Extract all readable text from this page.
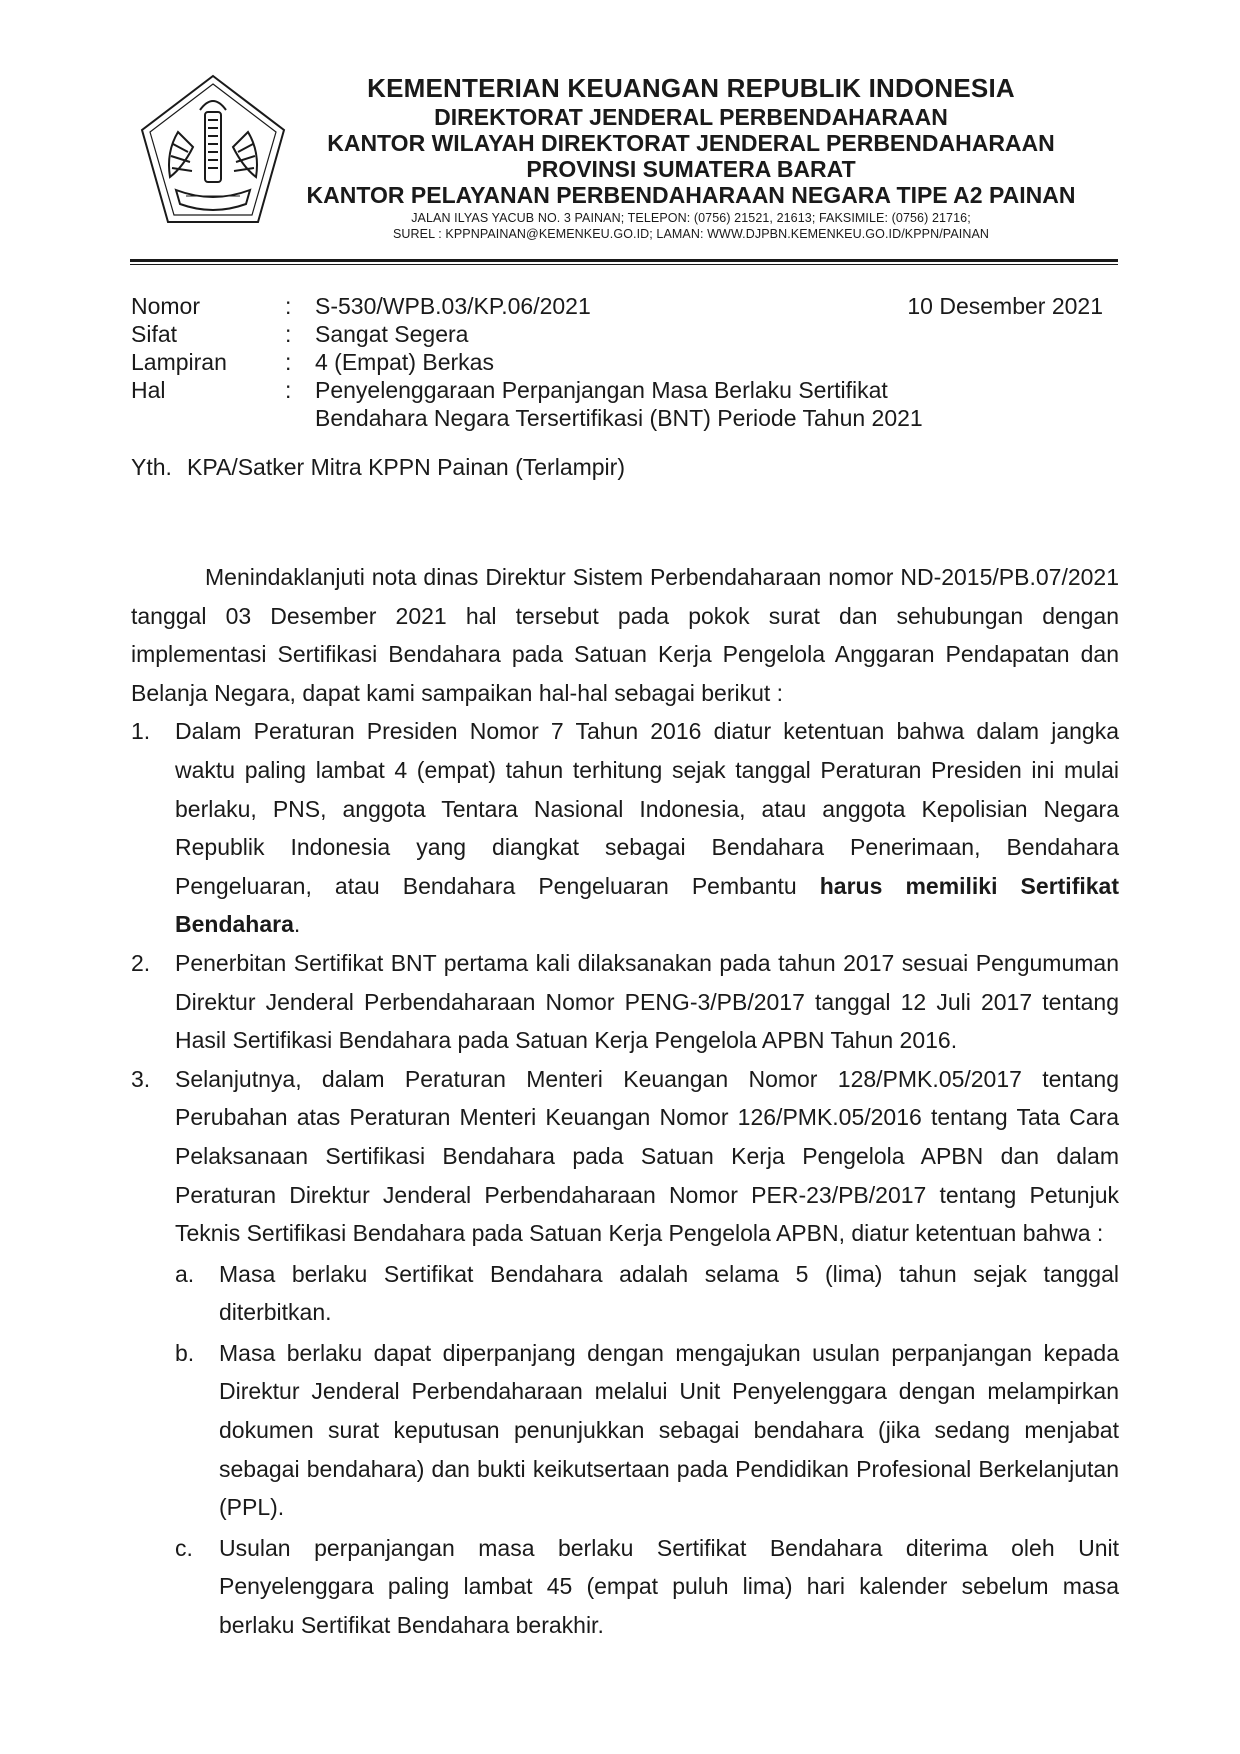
KEMENTERIAN KEUANGAN REPUBLIK INDONESIA
DIREKTORAT JENDERAL PERBENDAHARAAN
KANTOR WILAYAH DIREKTORAT JENDERAL PERBENDAHARAAN
PROVINSI SUMATERA BARAT
KANTOR PELAYANAN PERBENDAHARAAN NEGARA TIPE A2 PAINAN
JALAN ILYAS YACUB NO. 3 PAINAN; TELEPON: (0756) 21521, 21613; FAKSIMILE: (0756) 21716;
SUREL : KPPNPAINAN@KEMENKEU.GO.ID; LAMAN: WWW.DJPBN.KEMENKEU.GO.ID/KPPN/PAINAN
Nomor	:	S-530/WPB.03/KP.06/2021	10 Desember 2021
Sifat	:	Sangat Segera
Lampiran	:	4 (Empat) Berkas
Hal	:	Penyelenggaraan Perpanjangan Masa Berlaku Sertifikat Bendahara Negara Tersertifikasi (BNT) Periode Tahun 2021
Yth. KPA/Satker Mitra KPPN Painan (Terlampir)

Menindaklanjuti nota dinas Direktur Sistem Perbendaharaan nomor ND-2015/PB.07/2021 tanggal 03 Desember 2021 hal tersebut pada pokok surat dan sehubungan dengan implementasi Sertifikasi Bendahara pada Satuan Kerja Pengelola Anggaran Pendapatan dan Belanja Negara, dapat kami sampaikan hal-hal sebagai berikut :

1. Dalam Peraturan Presiden Nomor 7 Tahun 2016 diatur ketentuan bahwa dalam jangka waktu paling lambat 4 (empat) tahun terhitung sejak tanggal Peraturan Presiden ini mulai berlaku, PNS, anggota Tentara Nasional Indonesia, atau anggota Kepolisian Negara Republik Indonesia yang diangkat sebagai Bendahara Penerimaan, Bendahara Pengeluaran, atau Bendahara Pengeluaran Pembantu harus memiliki Sertifikat Bendahara.
2. Penerbitan Sertifikat BNT pertama kali dilaksanakan pada tahun 2017 sesuai Pengumuman Direktur Jenderal Perbendaharaan Nomor PENG-3/PB/2017 tanggal 12 Juli 2017 tentang Hasil Sertifikasi Bendahara pada Satuan Kerja Pengelola APBN Tahun 2016.
3. Selanjutnya, dalam Peraturan Menteri Keuangan Nomor 128/PMK.05/2017 tentang Perubahan atas Peraturan Menteri Keuangan Nomor 126/PMK.05/2016 tentang Tata Cara Pelaksanaan Sertifikasi Bendahara pada Satuan Kerja Pengelola APBN dan dalam Peraturan Direktur Jenderal Perbendaharaan Nomor PER-23/PB/2017 tentang Petunjuk Teknis Sertifikasi Bendahara pada Satuan Kerja Pengelola APBN, diatur ketentuan bahwa :
a. Masa berlaku Sertifikat Bendahara adalah selama 5 (lima) tahun sejak tanggal diterbitkan.
b. Masa berlaku dapat diperpanjang dengan mengajukan usulan perpanjangan kepada Direktur Jenderal Perbendaharaan melalui Unit Penyelenggara dengan melampirkan dokumen surat keputusan penunjukkan sebagai bendahara (jika sedang menjabat sebagai bendahara) dan bukti keikutsertaan pada Pendidikan Profesional Berkelanjutan (PPL).
c. Usulan perpanjangan masa berlaku Sertifikat Bendahara diterima oleh Unit Penyelenggara paling lambat 45 (empat puluh lima) hari kalender sebelum masa berlaku Sertifikat Bendahara berakhir.
